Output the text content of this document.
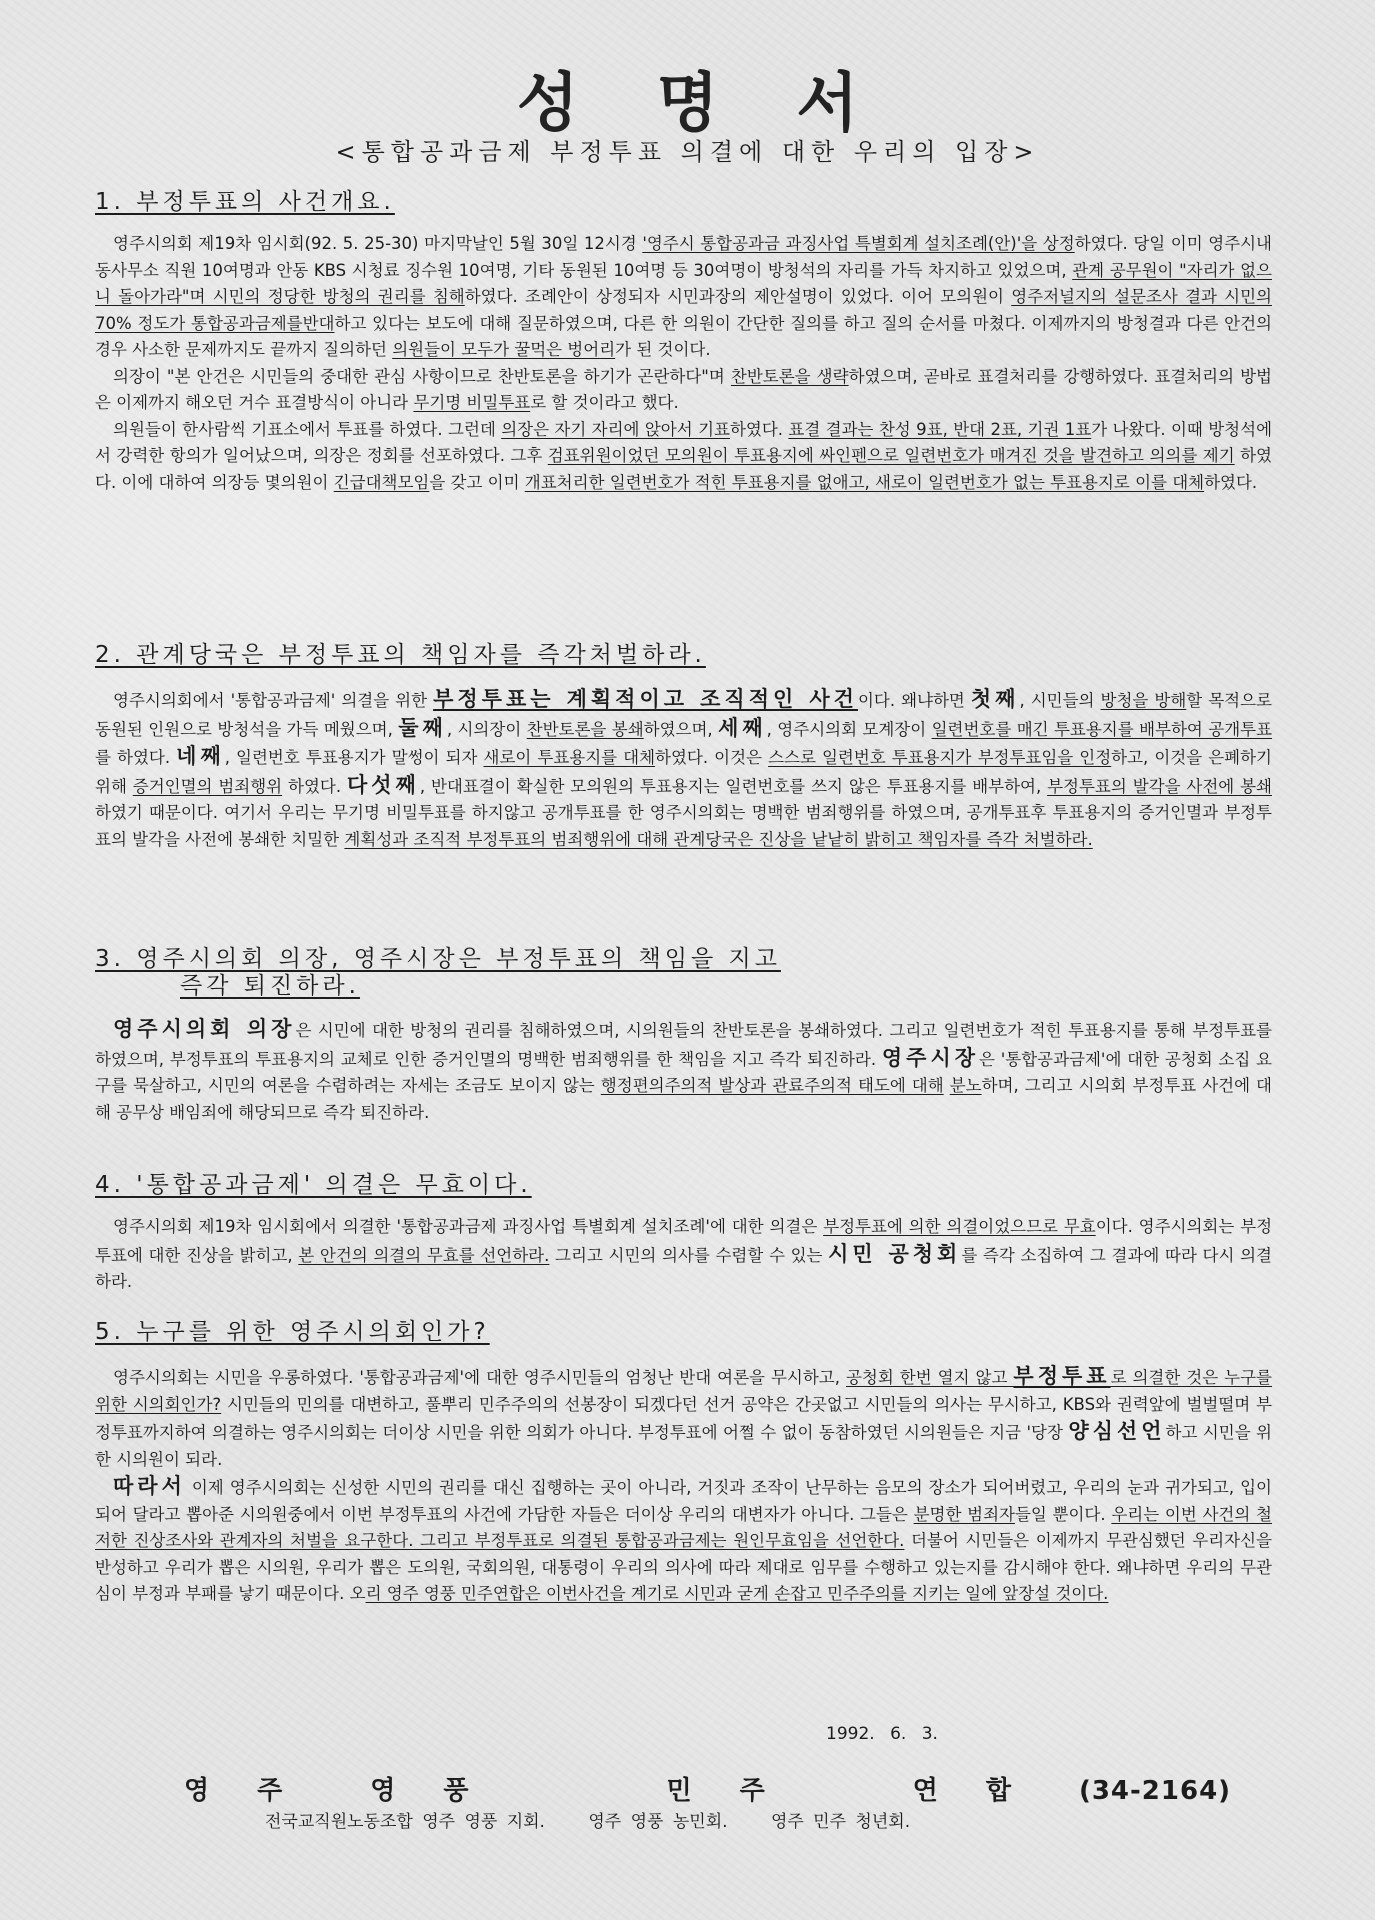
성명서
<통합공과금제 부정투표 의결에 대한 우리의 입장>
1. 부정투표의 사건개요.

영주시의회 제19차 임시회(92. 5. 25-30) 마지막날인 5월 30일 12시경 '영주시 통합공과금 과징사업 특별회계 설치조례(안)'을 상정하였다. 당일 이미 영주시내 동사무소 직원 10여명과 안동 KBS 시청료 징수원 10여명, 기타 동원된 10여명 등 30여명이 방청석의 자리를 가득 차지하고 있었으며, 관계 공무원이 "자리가 없으니 돌아가라"며 시민의 정당한 방청의 권리를 침해하였다. 조례안이 상정되자 시민과장의 제안설명이 있었다. 이어 모의원이 영주저널지의 설문조사 결과 시민의 70% 정도가 통합공과금제를반대하고 있다는 보도에 대해 질문하였으며, 다른 한 의원이 간단한 질의를 하고 질의 순서를 마쳤다. 이제까지의 방청결과 다른 안건의 경우 사소한 문제까지도 끝까지 질의하던 의원들이 모두가 꿀먹은 벙어리가 된 것이다.

의장이 "본 안건은 시민들의 중대한 관심 사항이므로 찬반토론을 하기가 곤란하다"며 찬반토론을 생략하였으며, 곧바로 표결처리를 강행하였다. 표결처리의 방법은 이제까지 해오던 거수 표결방식이 아니라 무기명 비밀투표로 할 것이라고 했다.

의원들이 한사람씩 기표소에서 투표를 하였다. 그런데 의장은 자기 자리에 앉아서 기표하였다. 표결 결과는 찬성 9표, 반대 2표, 기권 1표가 나왔다. 이때 방청석에서 강력한 항의가 일어났으며, 의장은 정회를 선포하였다. 그후 검표위원이었던 모의원이 투표용지에 싸인펜으로 일련번호가 매겨진 것을 발견하고 의의를 제기 하였다. 이에 대하여 의장등 몇의원이 긴급대책모임을 갖고 이미 개표처리한 일련번호가 적힌 투표용지를 없애고, 새로이 일련번호가 없는 투표용지로 이를 대체하였다.

2. 관계당국은 부정투표의 책임자를 즉각처벌하라.

영주시의회에서 '통합공과금제' 의결을 위한 부정투표는 계획적이고 조직적인 사건이다. 왜냐하면 첫째, 시민들의 방청을 방해할 목적으로 동원된 인원으로 방청석을 가득 메웠으며, 둘째, 시의장이 찬반토론을 봉쇄하였으며, 세째, 영주시의회 모계장이 일련번호를 매긴 투표용지를 배부하여 공개투표를 하였다. 네째, 일련번호 투표용지가 말썽이 되자 새로이 투표용지를 대체하였다. 이것은 스스로 일련번호 투표용지가 부정투표임을 인정하고, 이것을 은폐하기 위해 증거인멸의 범죄행위 하였다. 다섯째, 반대표결이 확실한 모의원의 투표용지는 일련번호를 쓰지 않은 투표용지를 배부하여, 부정투표의 발각을 사전에 봉쇄하였기 때문이다. 여기서 우리는 무기명 비밀투표를 하지않고 공개투표를 한 영주시의회는 명백한 범죄행위를 하였으며, 공개투표후 투표용지의 증거인멸과 부정투표의 발각을 사전에 봉쇄한 치밀한 계획성과 조직적 부정투표의 범죄행위에 대해 관계당국은 진상을 낱낱히 밝히고 책임자를 즉각 처벌하라.

3. 영주시의회 의장, 영주시장은 부정투표의 책임을 지고
즉각 퇴진하라.

영주시의회 의장은 시민에 대한 방청의 권리를 침해하였으며, 시의원들의 찬반토론을 봉쇄하였다. 그리고 일련번호가 적힌 투표용지를 통해 부정투표를 하였으며, 부정투표의 투표용지의 교체로 인한 증거인멸의 명백한 범죄행위를 한 책임을 지고 즉각 퇴진하라. 영주시장은 '통합공과금제'에 대한 공청회 소집 요구를 묵살하고, 시민의 여론을 수렴하려는 자세는 조금도 보이지 않는 행정편의주의적 발상과 관료주의적 태도에 대해 분노하며, 그리고 시의회 부정투표 사건에 대해 공무상 배임죄에 해당되므로 즉각 퇴진하라.

4. '통합공과금제' 의결은 무효이다.

영주시의회 제19차 임시회에서 의결한 '통합공과금제 과징사업 특별회계 설치조례'에 대한 의결은 부정투표에 의한 의결이었으므로 무효이다. 영주시의회는 부정투표에 대한 진상을 밝히고, 본 안건의 의결의 무효를 선언하라. 그리고 시민의 의사를 수렴할 수 있는 시민 공청회를 즉각 소집하여 그 결과에 따라 다시 의결하라.

5. 누구를 위한 영주시의회인가?

영주시의회는 시민을 우롱하였다. '통합공과금제'에 대한 영주시민들의 엄청난 반대 여론을 무시하고, 공청회 한번 열지 않고 부정투표로 의결한 것은 누구를 위한 시의회인가? 시민들의 민의를 대변하고, 풀뿌리 민주주의의 선봉장이 되겠다던 선거 공약은 간곳없고 시민들의 의사는 무시하고, KBS와 권력앞에 벌벌떨며 부정투표까지하여 의결하는 영주시의회는 더이상 시민을 위한 의회가 아니다. 부정투표에 어쩔 수 없이 동참하였던 시의원들은 지금 '당장 양심선언하고 시민을 위한 시의원이 되라.

따라서 이제 영주시의회는 신성한 시민의 권리를 대신 집행하는 곳이 아니라, 거짓과 조작이 난무하는 음모의 장소가 되어버렸고, 우리의 눈과 귀가되고, 입이되어 달라고 뽑아준 시의원중에서 이번 부정투표의 사건에 가담한 자들은 더이상 우리의 대변자가 아니다. 그들은 분명한 범죄자들일 뿐이다. 우리는 이번 사건의 철저한 진상조사와 관계자의 처벌을 요구한다. 그리고 부정투표로 의결된 통합공과금제는 원인무효임을 선언한다. 더불어 시민들은 이제까지 무관심했던 우리자신을 반성하고 우리가 뽑은 시의원, 우리가 뽑은 도의원, 국회의원, 대통령이 우리의 의사에 따라 제대로 임무를 수행하고 있는지를 감시해야 한다. 왜냐하면 우리의 무관심이 부정과 부패를 낳기 때문이다. 오리 영주 영풍 민주연합은 이번사건을 계기로 시민과 굳게 손잡고 민주주의를 지키는 일에 앞장설 것이다.

1992. 6. 3.
영주 영풍	민주	연합 (34-2164)
전국교직원노동조합 영주 영풍 지회.	영주 영풍 농민회.	영주 민주 청년회.
